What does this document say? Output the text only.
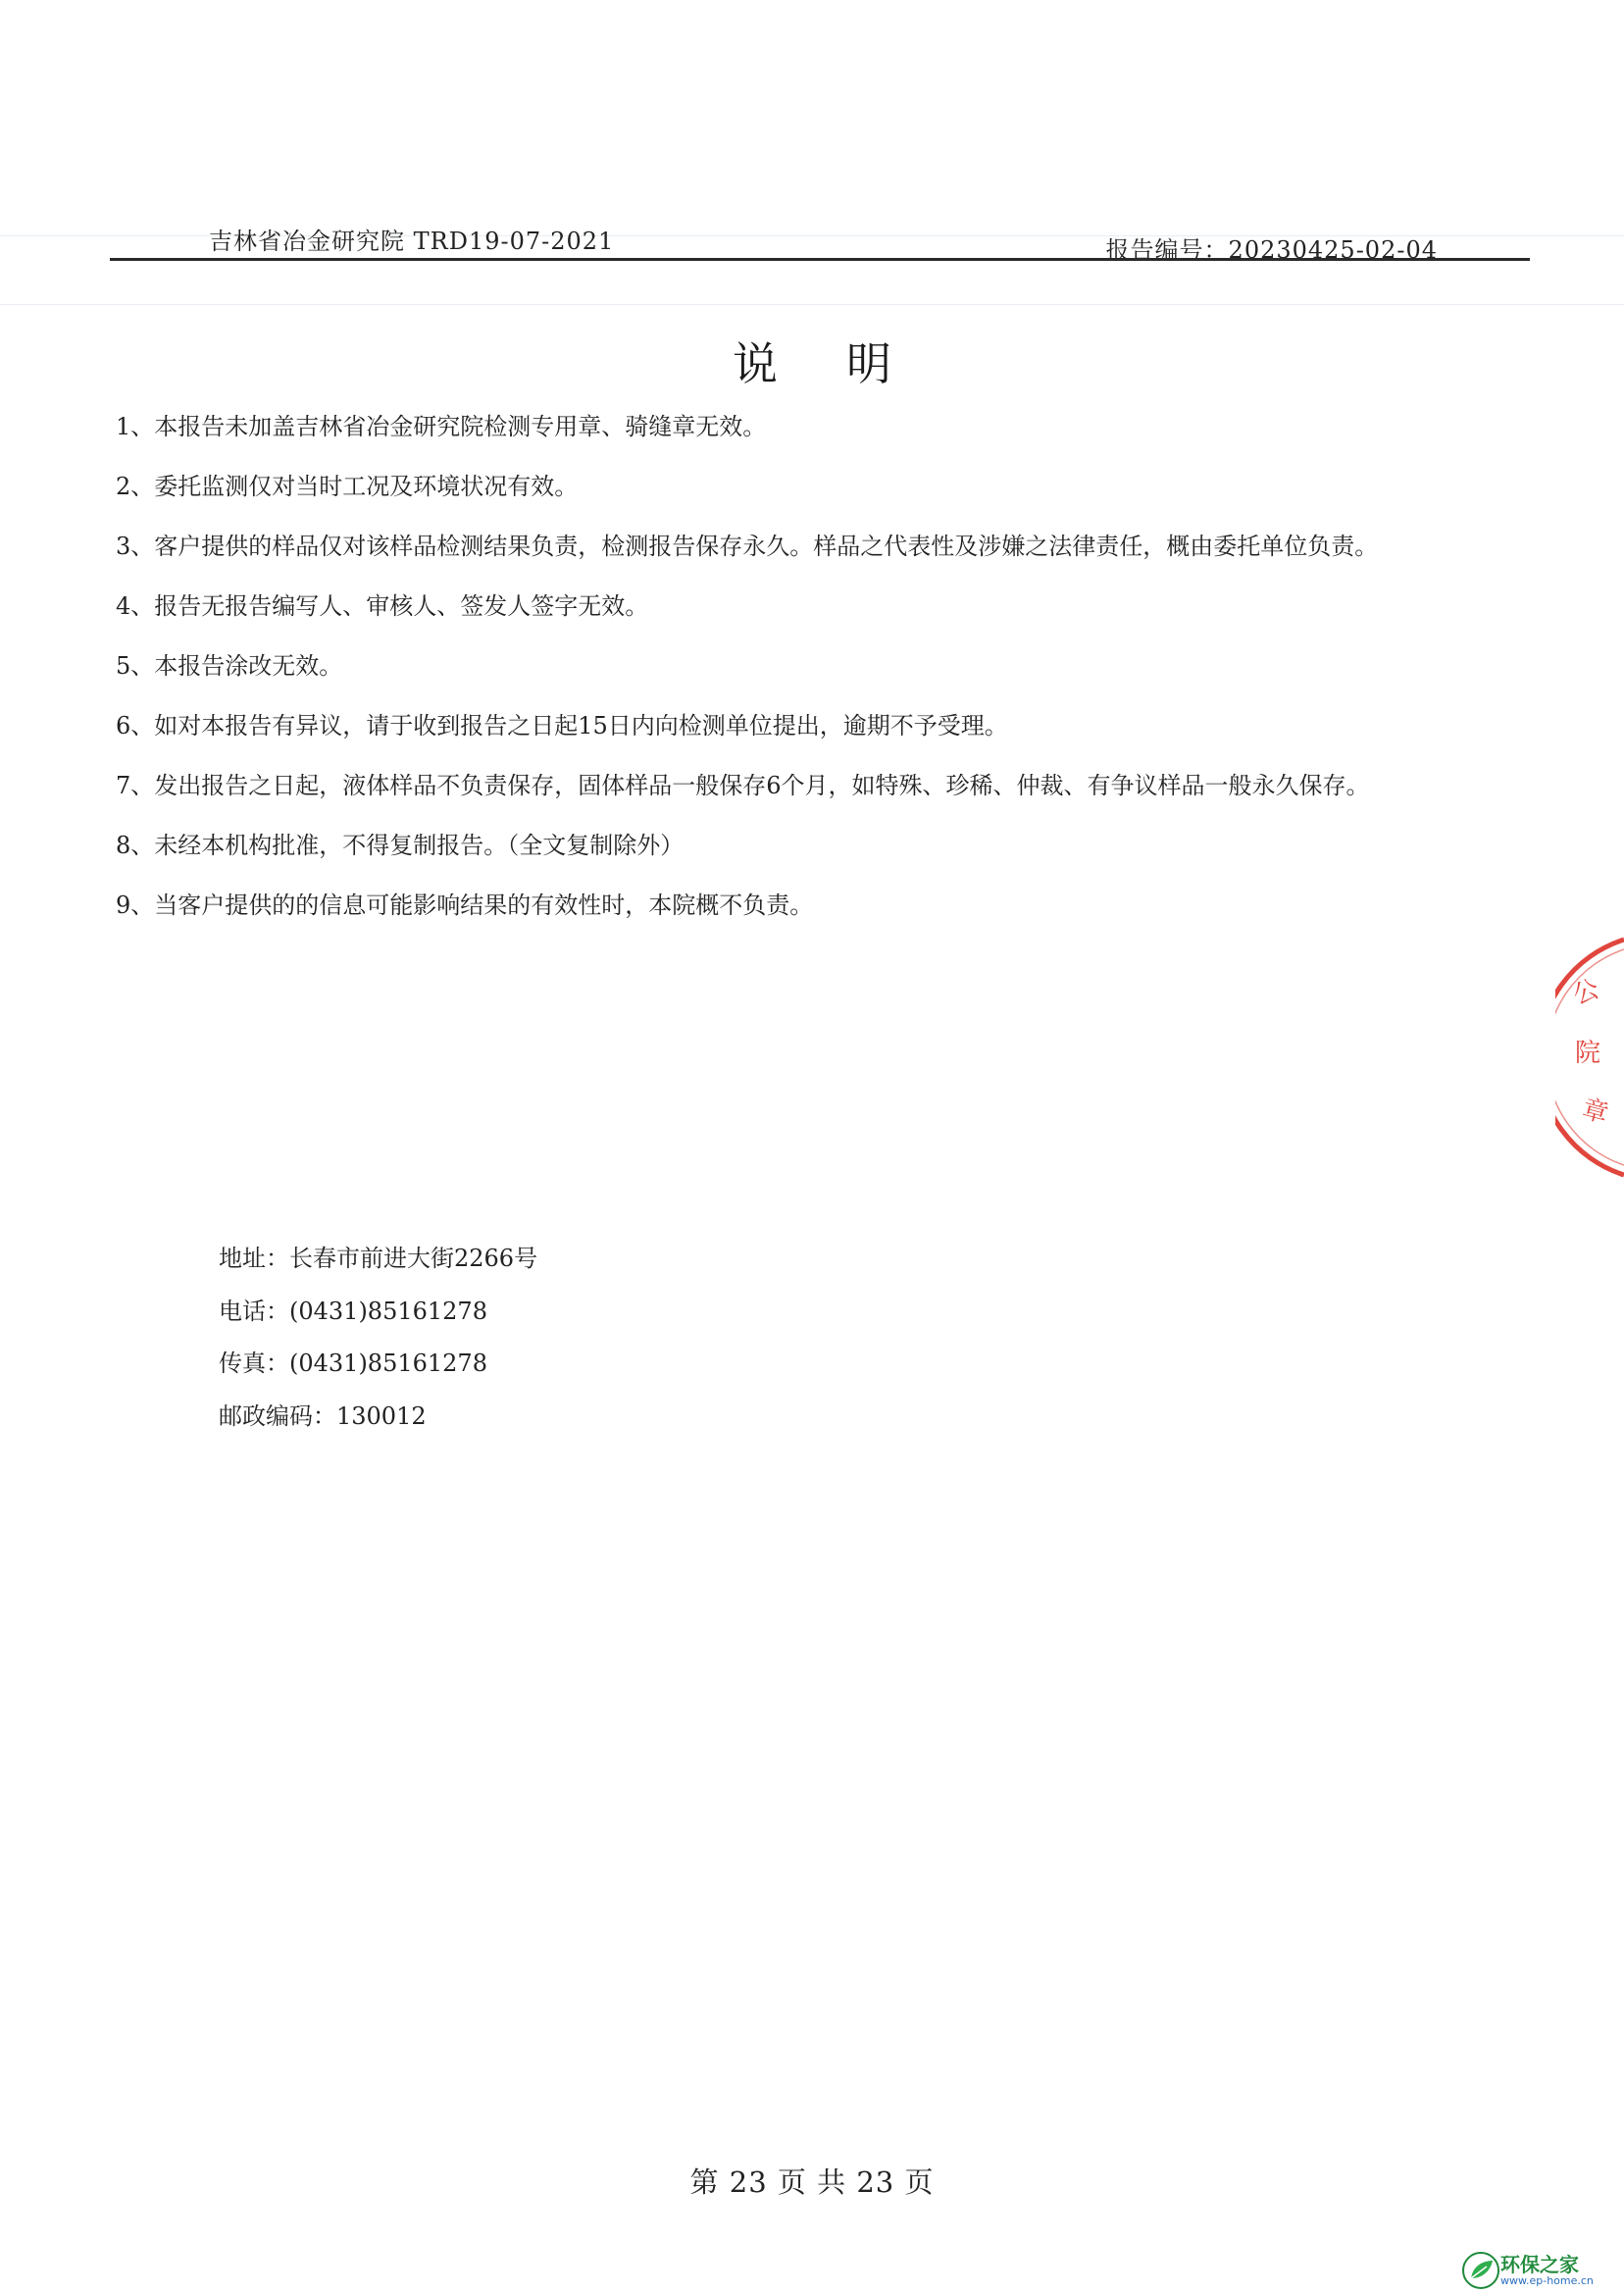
吉林省冶金研究院 TRD19-07-2021	报告编号：20230425-02-04
说明
1、本报告未加盖吉林省冶金研究院检测专用章、骑缝章无效。
2、委托监测仅对当时工况及环境状况有效。
3、客户提供的样品仅对该样品检测结果负责，检测报告保存永久。样品之代表性及涉嫌之法律责任，概由委托单位负责。
4、报告无报告编写人、审核人、签发人签字无效。
5、本报告涂改无效。
6、如对本报告有异议，请于收到报告之日起15日内向检测单位提出，逾期不予受理。
7、发出报告之日起，液体样品不负责保存，固体样品一般保存6个月，如特殊、珍稀、仲裁、有争议样品一般永久保存。
8、未经本机构批准，不得复制报告。（全文复制除外）
9、当客户提供的的信息可能影响结果的有效性时，本院概不负责。
公
院
章
地址：长春市前进大街2266号
电话：(0431)85161278
传真：(0431)85161278
邮政编码：130012
第 23 页 共 23 页
环保之家
www.ep-home.cn
